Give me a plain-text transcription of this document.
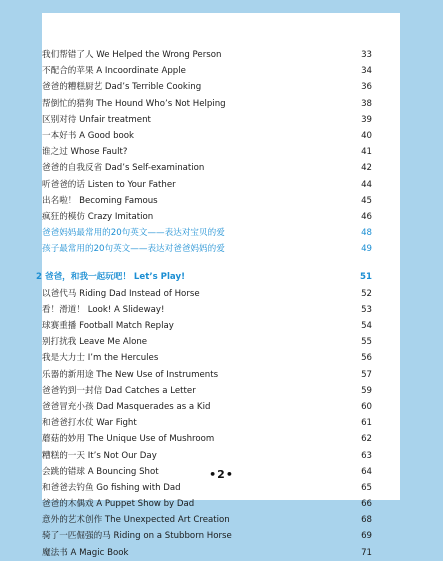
我们帮错了人 We Helped the Wrong Person	33
不配合的苹果 A Incoordinate Apple	34
爸爸的糟糕厨艺 Dad’s Terrible Cooking	36
帮倒忙的猎狗 The Hound Who’s Not Helping	38
区别对待 Unfair treatment	39
一本好书 A Good book	40
谁之过 Whose Fault?	41
爸爸的自我反省 Dad’s Self-examination	42
听爸爸的话 Listen to Your Father	44
出名啦！ Becoming Famous	45
疯狂的模仿 Crazy Imitation	46
爸爸妈妈最常用的20句英文——表达对宝贝的爱	48
孩子最常用的20句英文——表达对爸爸妈妈的爱	49
2 爸爸，和我一起玩吧！ Let’s Play!	51
以爸代马 Riding Dad Instead of Horse	52
看！滑道！ Look! A Slideway!	53
球赛重播 Football Match Replay	54
别打扰我 Leave Me Alone	55
我是大力士 I’m the Hercules	56
乐器的新用途 The New Use of Instruments	57
爸爸钓到一封信 Dad Catches a Letter	59
爸爸冒充小孩 Dad Masquerades as a Kid	60
和爸爸打水仗 War Fight	61
蘑菇的妙用 The Unique Use of Mushroom	62
糟糕的一天 It’s Not Our Day	63
会跳的错球 A Bouncing Shot	64
和爸爸去钓鱼 Go fishing with Dad	65
爸爸的木偶戏 A Puppet Show by Dad	66
意外的艺术创作 The Unexpected Art Creation	68
骑了一匹倔强的马 Riding on a Stubborn Horse	69
魔法书 A Magic Book	71
•2•
